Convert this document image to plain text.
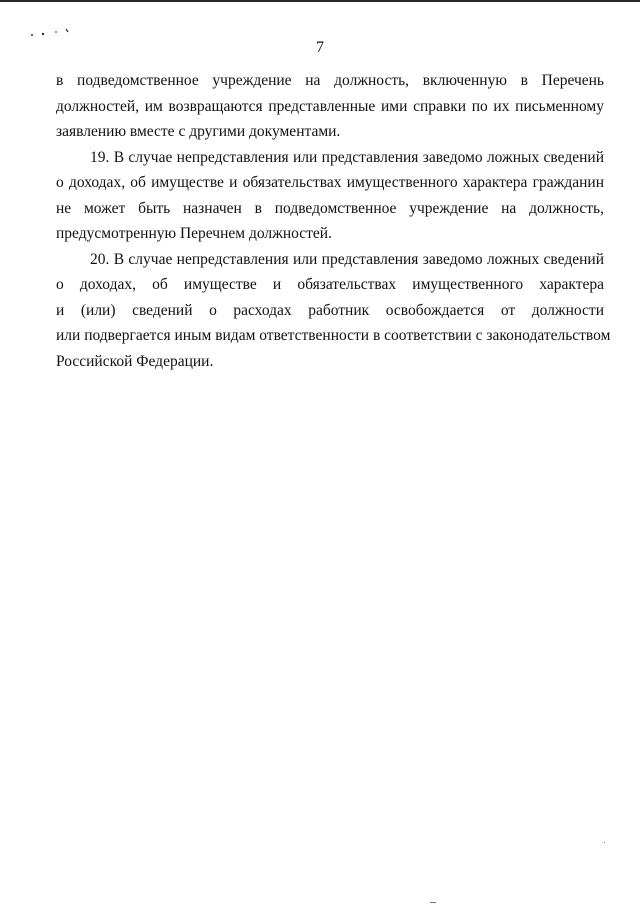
7
в подведомственное учреждение на должность, включенную в Перечень
должностей, им возвращаются представленные ими справки по их письменному
заявлению вместе с другими документами.
19. В случае непредставления или представления заведомо ложных сведений
о доходах, об имуществе и обязательствах имущественного характера гражданин
не может быть назначен в подведомственное учреждение на должность,
предусмотренную Перечнем должностей.
20. В случае непредставления или представления заведомо ложных сведений
о доходах, об имуществе и обязательствах имущественного характера
и (или) сведений о расходах работник освобождается от должности
или подвергается иным видам ответственности в соответствии с законодательством
Российской Федерации.
